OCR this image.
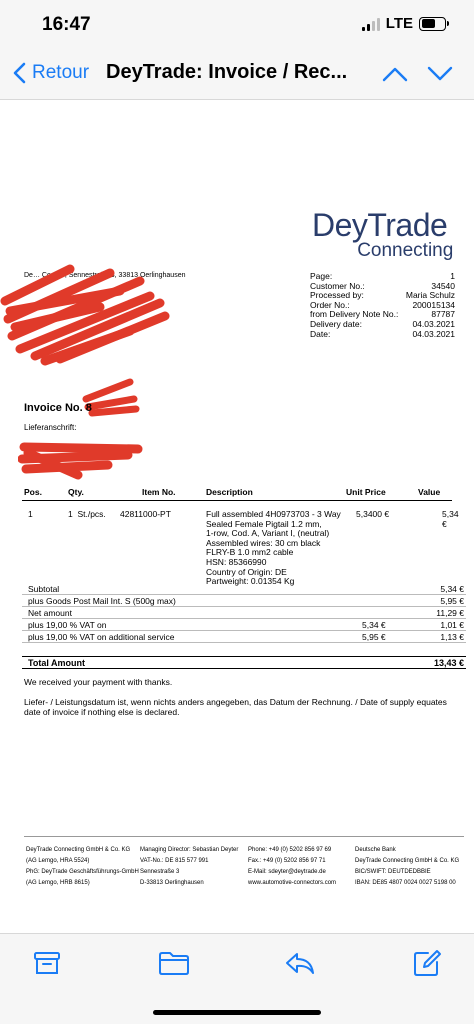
16:47	LTE
Retour DeyTrade: Invoice / Rec...
DeyTrade
Connecting
De… Co. KG, Sennestraße 3, 33813 Oerlinghausen	Page:	1
Customer No.:	34540
Processed by:	Maria Schulz
Order No.:	200015134
from Delivery Note No.:	87787
Delivery date:	04.03.2021
Date:	04.03.2021
Invoice No. 8
Lieferanschrift:
Pos.	Qty.	Item No.	Description	Unit Price	Value
1	1  St./pcs. 42811000-PT	Full assembled 4H0973703 - 3 Way
Sealed Female Pigtail 1.2 mm,
1-row, Cod. A, Variant I, (neutral)
Assembled wires: 30 cm black
FLRY-B 1.0 mm2 cable
HSN: 85366990
Country of Origin: DE
Partweight: 0.01354 Kg
5,3400 €	5,34 €
Subtotal	5,34 €
plus Goods Post Mail Int. S (500g max)	5,95 €
Net amount	11,29 €
plus 19,00 % VAT on	5,34 €	1,01 €
plus 19,00 % VAT on additional service	5,95 €	1,13 €
Total Amount	13,43 €
We received your payment with thanks.
Liefer- / Leistungsdatum ist, wenn nichts anders angegeben, das Datum der Rechnung. / Date of supply equates date of invoice if nothing else is declared.
DeyTrade Connecting GmbH & Co. KG
(AG Lemgo, HRA 5524)
PhG: DeyTrade Geschäftsführungs-GmbH
(AG Lemgo, HRB 8615)
Managing Director: Sebastian Deyter
VAT-No.: DE 815 577 991
Sennestraße 3
D-33813 Oerlinghausen
Phone: +49 (0) 5202 856 97 69
Fax.: +49 (0) 5202 856 97 71
E-Mail: sdeyter@deytrade.de
www.automotive-connectors.com
Deutsche Bank
DeyTrade Connecting GmbH & Co. KG
BIC/SWIFT: DEUTDEDBBIE
IBAN: DE85 4807 0024 0027 5198 00
